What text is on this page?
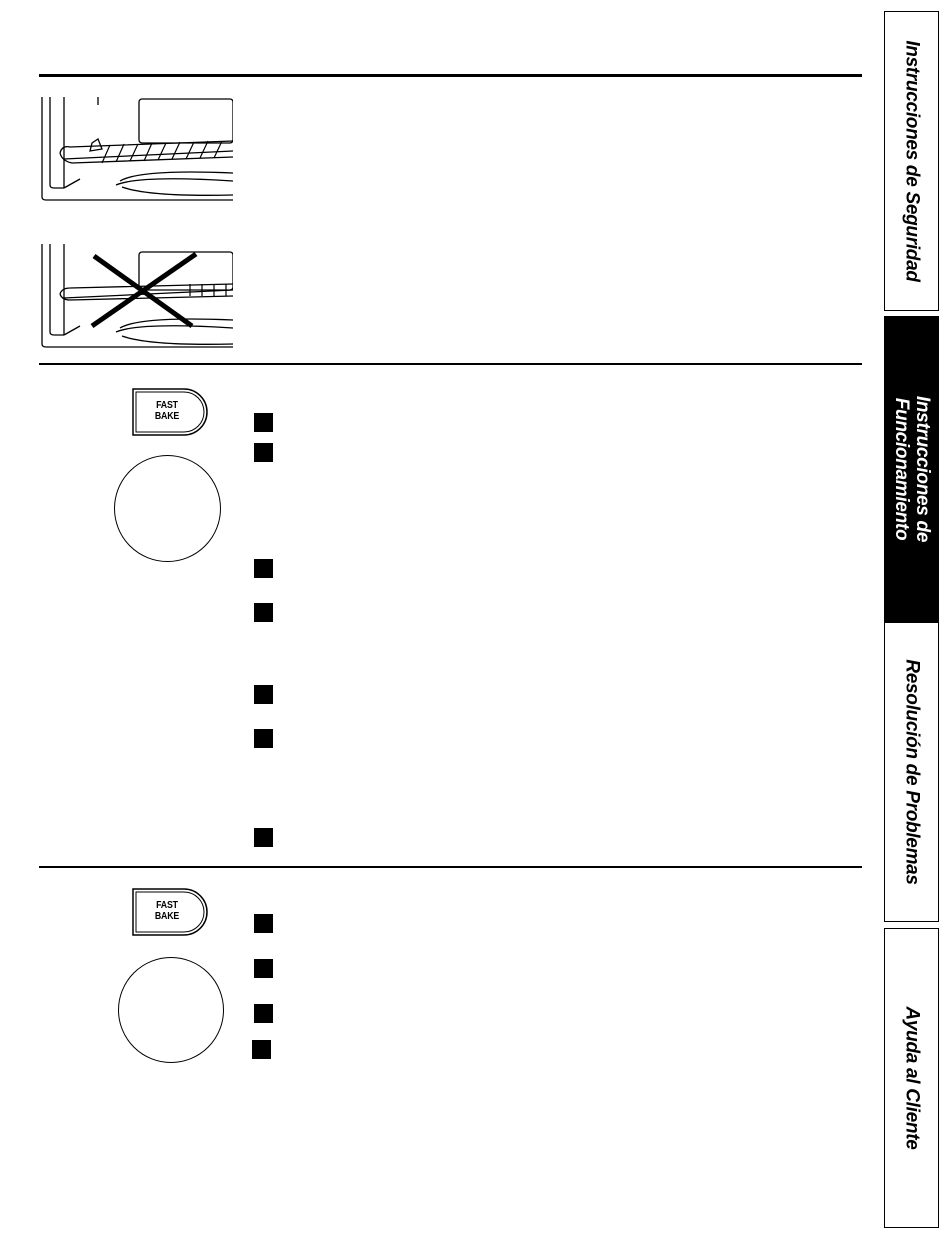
FAST
BAKE
FAST
BAKE
Instrucciones de Seguridad
Instrucciones de
Funcionamiento
Resolución de Problemas
Ayuda al Cliente
